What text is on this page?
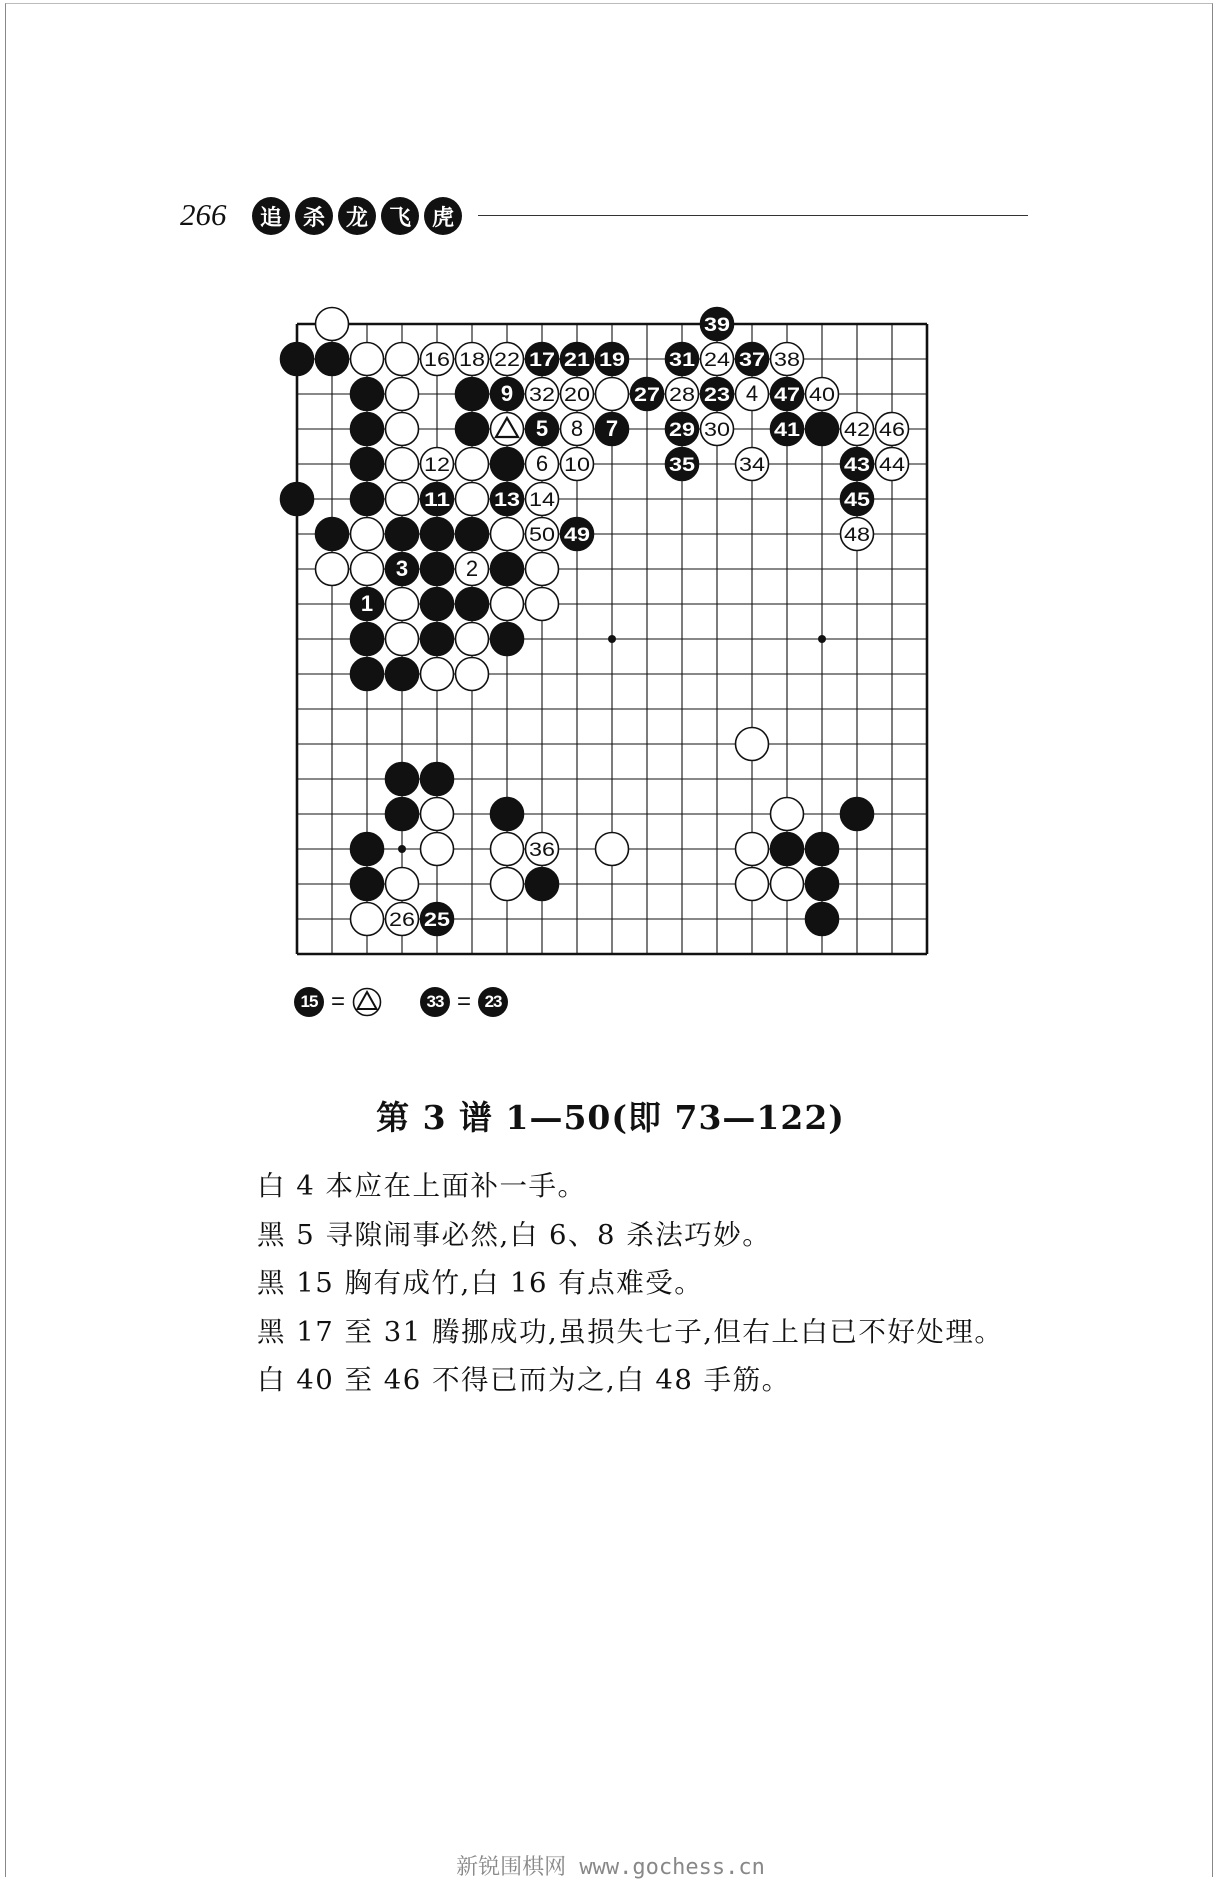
266	追 杀 龙 飞 虎
39
16 18 22 17 21 19 31 24 37 38
9 32 20 27 28 23 4 47 40
5 8 7	29 30 41 42 46
12	6 10	35 34	43 44
11 13 14	45
50 49	48
3	2
1
36
26 25
15 =	33 = 23
第 3 谱 1—50(即 73—122)

白 4 本应在上面补一手。

黑 5 寻隙闹事必然,白 6、8 杀法巧妙。

黑 15 胸有成竹,白 16 有点难受。

黑 17 至 31 腾挪成功,虽损失七子,但右上白已不好处理。

白 40 至 46 不得已而为之,白 48 手筋。

新锐围棋网 www.gochess.cn
